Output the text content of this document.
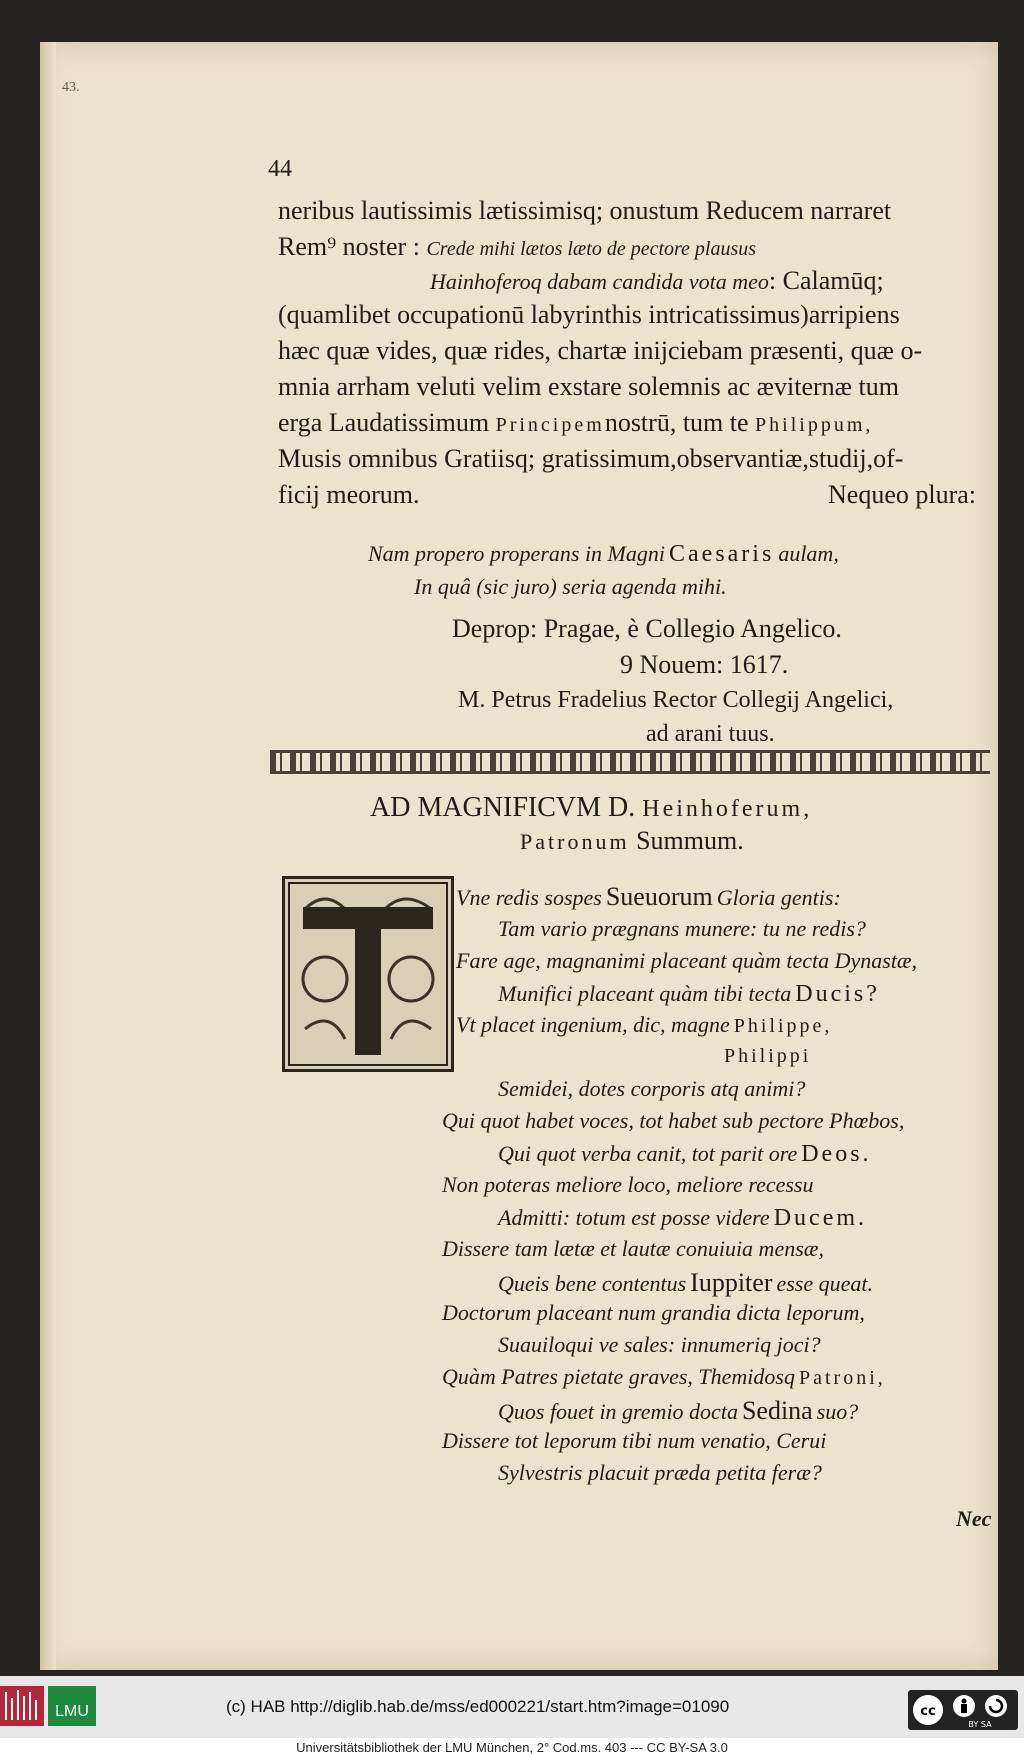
43.
44
neribus lautissimis lætissimisq; onustum Reducem narraret
Rem⁹ noster : Crede mihi lætos læto de pectore plausus
Hainhoferoq dabam candida vota meo: Calamūq;
(quamlibet occupationū labyrinthis intricatissimus)arripiens
hæc quæ vides, quæ rides, chartæ inijciebam præsenti, quæ o-
mnia arrham veluti velim exstare solemnis ac æviternæ tum
erga Laudatissimum Principemnostrū, tum te Philippum,
Musis omnibus Gratiisq; gratissimum,observantiæ,studij,of-
ficij meorum.	Nequeo plura:
Nam propero properans in Magni Caesaris aulam,
In quâ (sic juro) seria agenda mihi.
Deprop: Pragae, è Collegio Angelico.
9 Nouem: 1617.
M. Petrus Fradelius Rector Collegij Angelici,
ad arani tuus.
AD MAGNIFICVM D. Heinhoferum,
Patronum Summum.
Vne redis sospes Sueuorum Gloria gentis:
Tam vario prægnans munere: tu ne redis?
Fare age, magnanimi placeant quàm tecta Dynastæ,
Munifici placeant quàm tibi tecta Ducis?
Vt placet ingenium, dic, magne Philippe,
Philippi
Semidei, dotes corporis atq animi?
Qui quot habet voces, tot habet sub pectore Phœbos,
Qui quot verba canit, tot parit ore Deos.
Non poteras meliore loco, meliore recessu
Admitti: totum est posse videre Ducem.
Disserе tam lætæ et lautæ conuiuia mensæ,
Queis bene contentus Iuppiter esse queat.
Doctorum placeant num grandia dicta leporum,
Suauiloqui ve sales: innumeriq joci?
Quàm Patres pietate graves, Themidosq Patroni,
Quos fouet in gremio docta Sedina suo?
Disserе tot leporum tibi num venatio, Cerui
Sylvestris placuit præda petita feræ?
Nec
LMU	(c) HAB http://diglib.hab.de/mss/ed000221/start.htm?image=01090	cc
BY SA
Universitätsbibliothek der LMU München, 2° Cod.ms. 403 --- CC BY-SA 3.0
